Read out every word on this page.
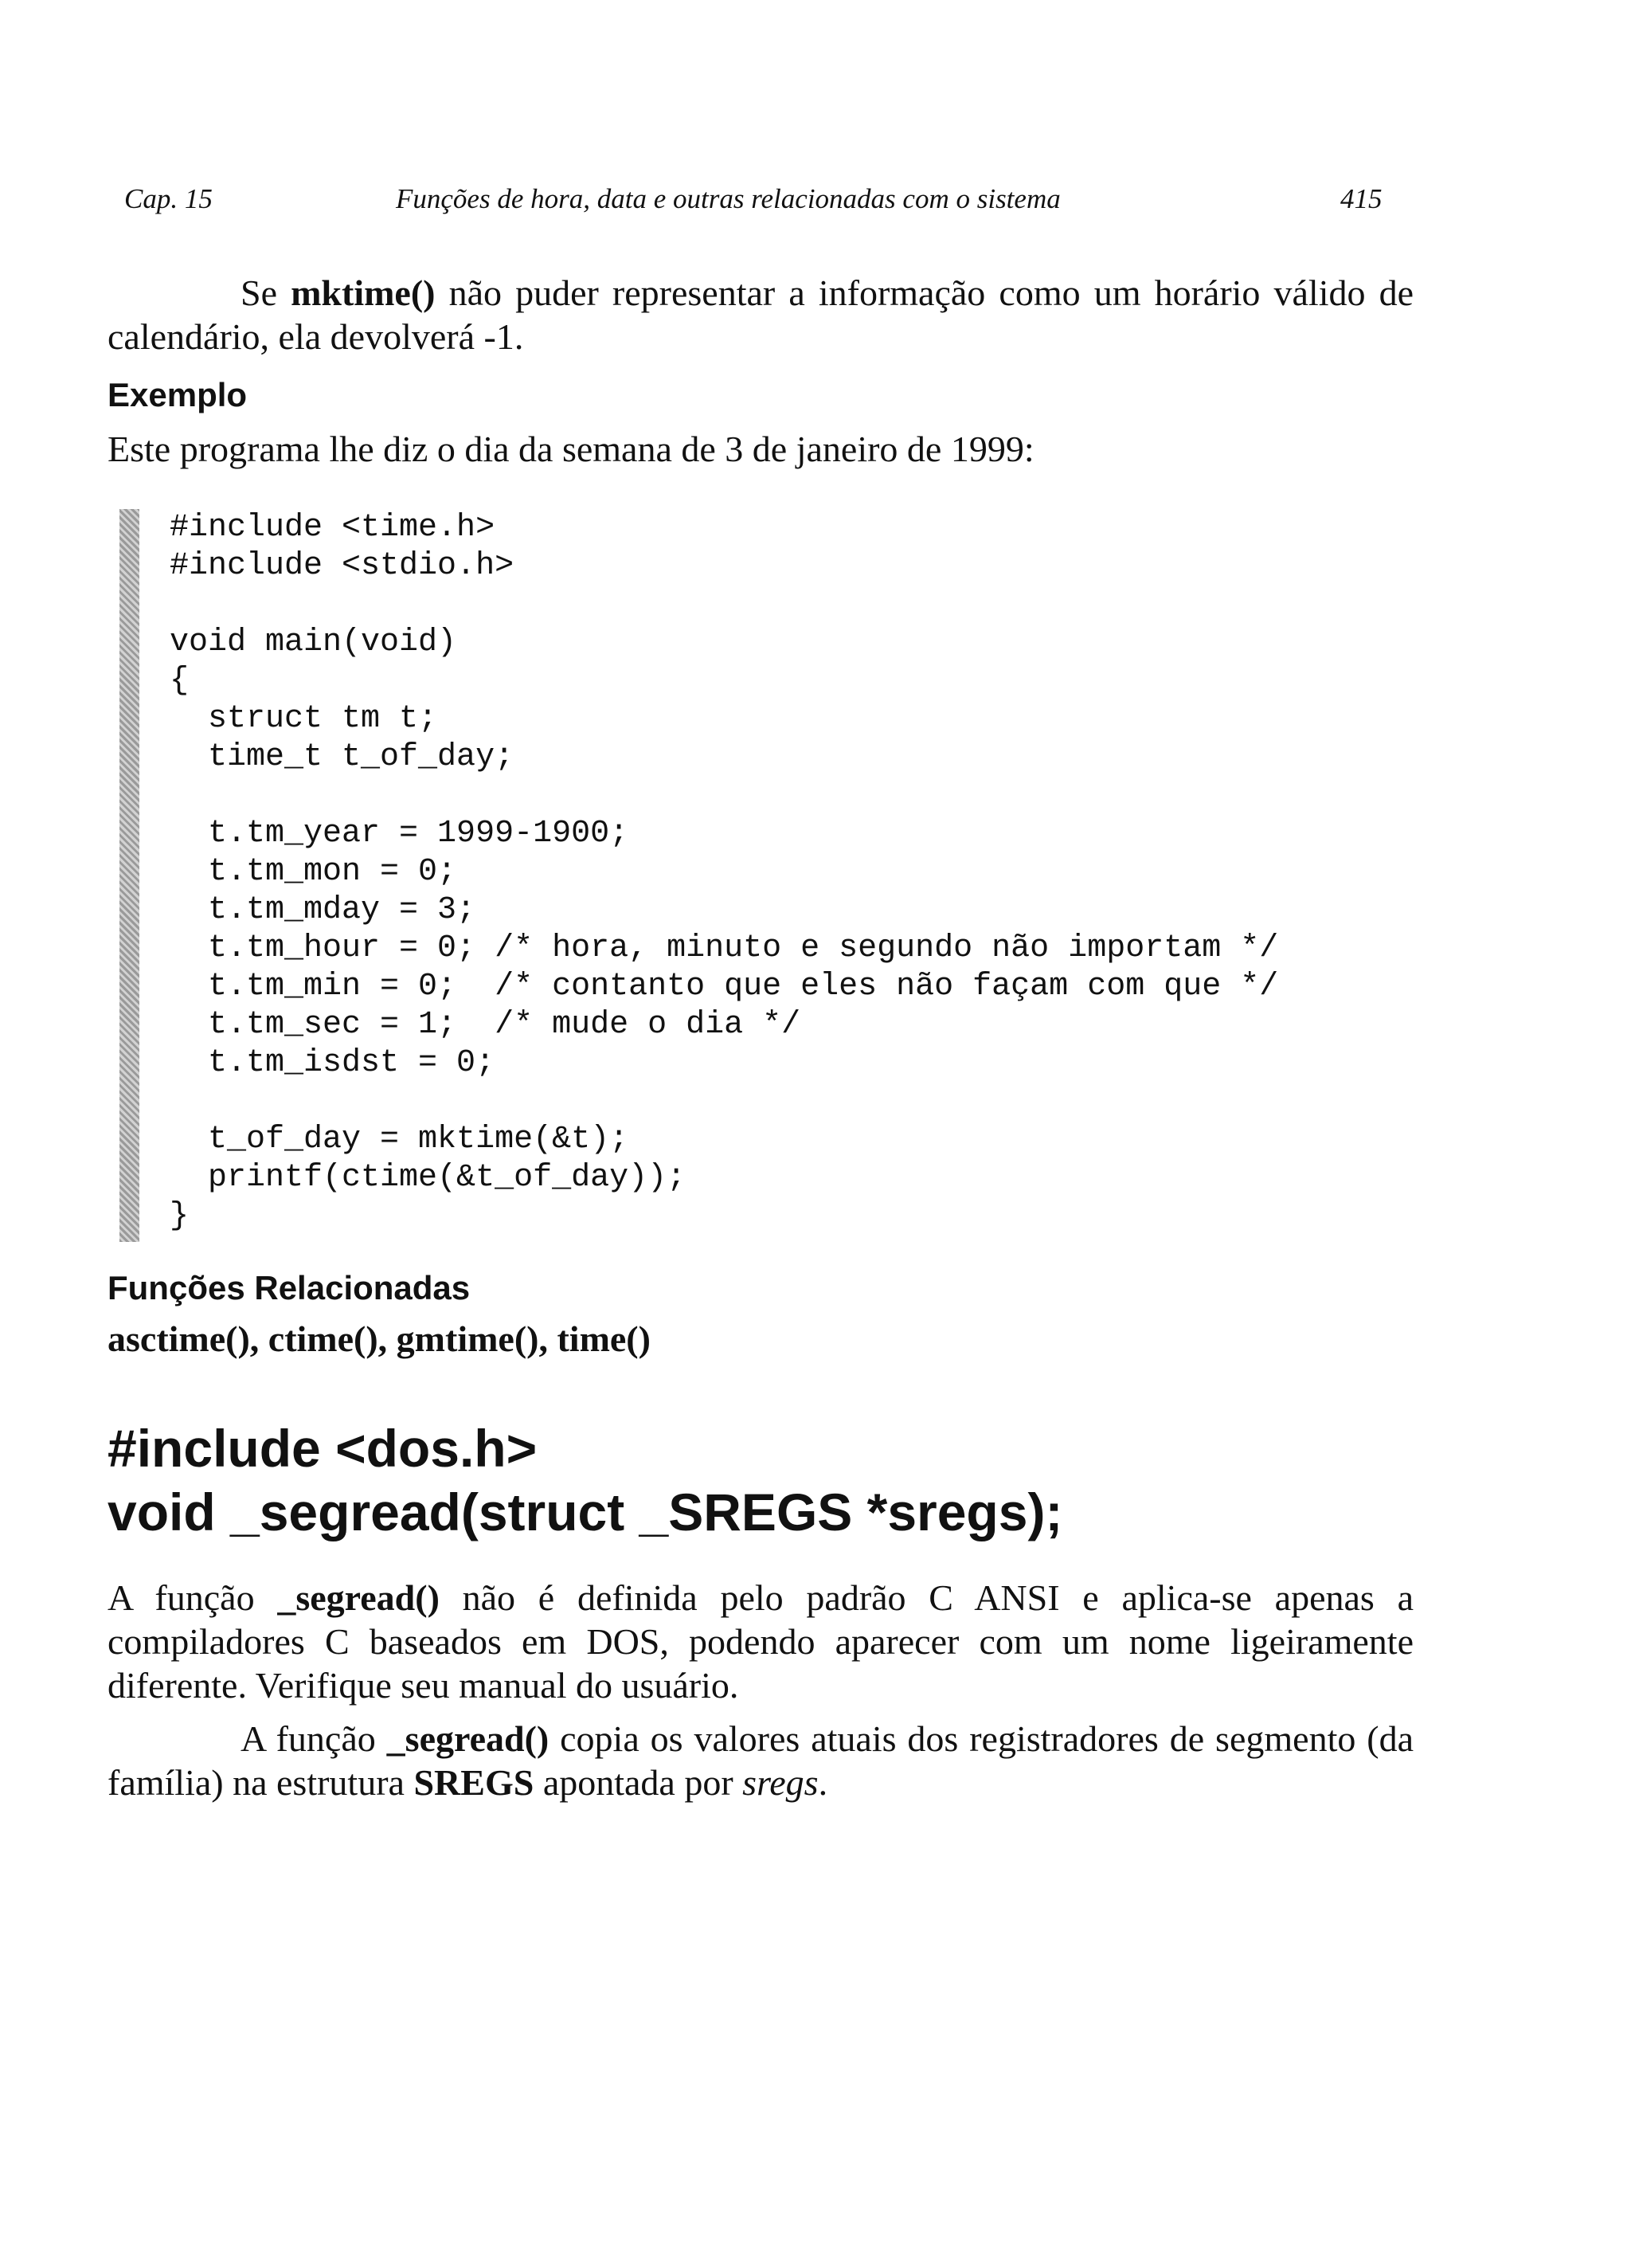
Cap. 15	Funções de hora, data e outras relacionadas com o sistema	415

Se mktime() não puder representar a informação como um horário válido de calendário, ela devolverá -1.

Exemplo

Este programa lhe diz o dia da semana de 3 de janeiro de 1999:

#include <time.h>
#include <stdio.h>
void main(void)
{
struct tm t;
time_t t_of_day;
t.tm_year = 1999-1900;
t.tm_mon = 0;
t.tm_mday = 3;
t.tm_hour = 0; /* hora, minuto e segundo não importam */
t.tm_min = 0;  /* contanto que eles não façam com que */
t.tm_sec = 1;  /* mude o dia */
t.tm_isdst = 0;
t_of_day = mktime(&t);
printf(ctime(&t_of_day));
}

Funções Relacionadas

asctime(), ctime(), gmtime(), time()

#include <dos.h>

void _segread(struct _SREGS *sregs);

A função _segread() não é definida pelo padrão C ANSI e aplica-se apenas a compiladores C baseados em DOS, podendo aparecer com um nome ligeiramente diferente. Verifique seu manual do usuário.

A função _segread() copia os valores atuais dos registradores de segmento (da família) na estrutura SREGS apontada por sregs.
